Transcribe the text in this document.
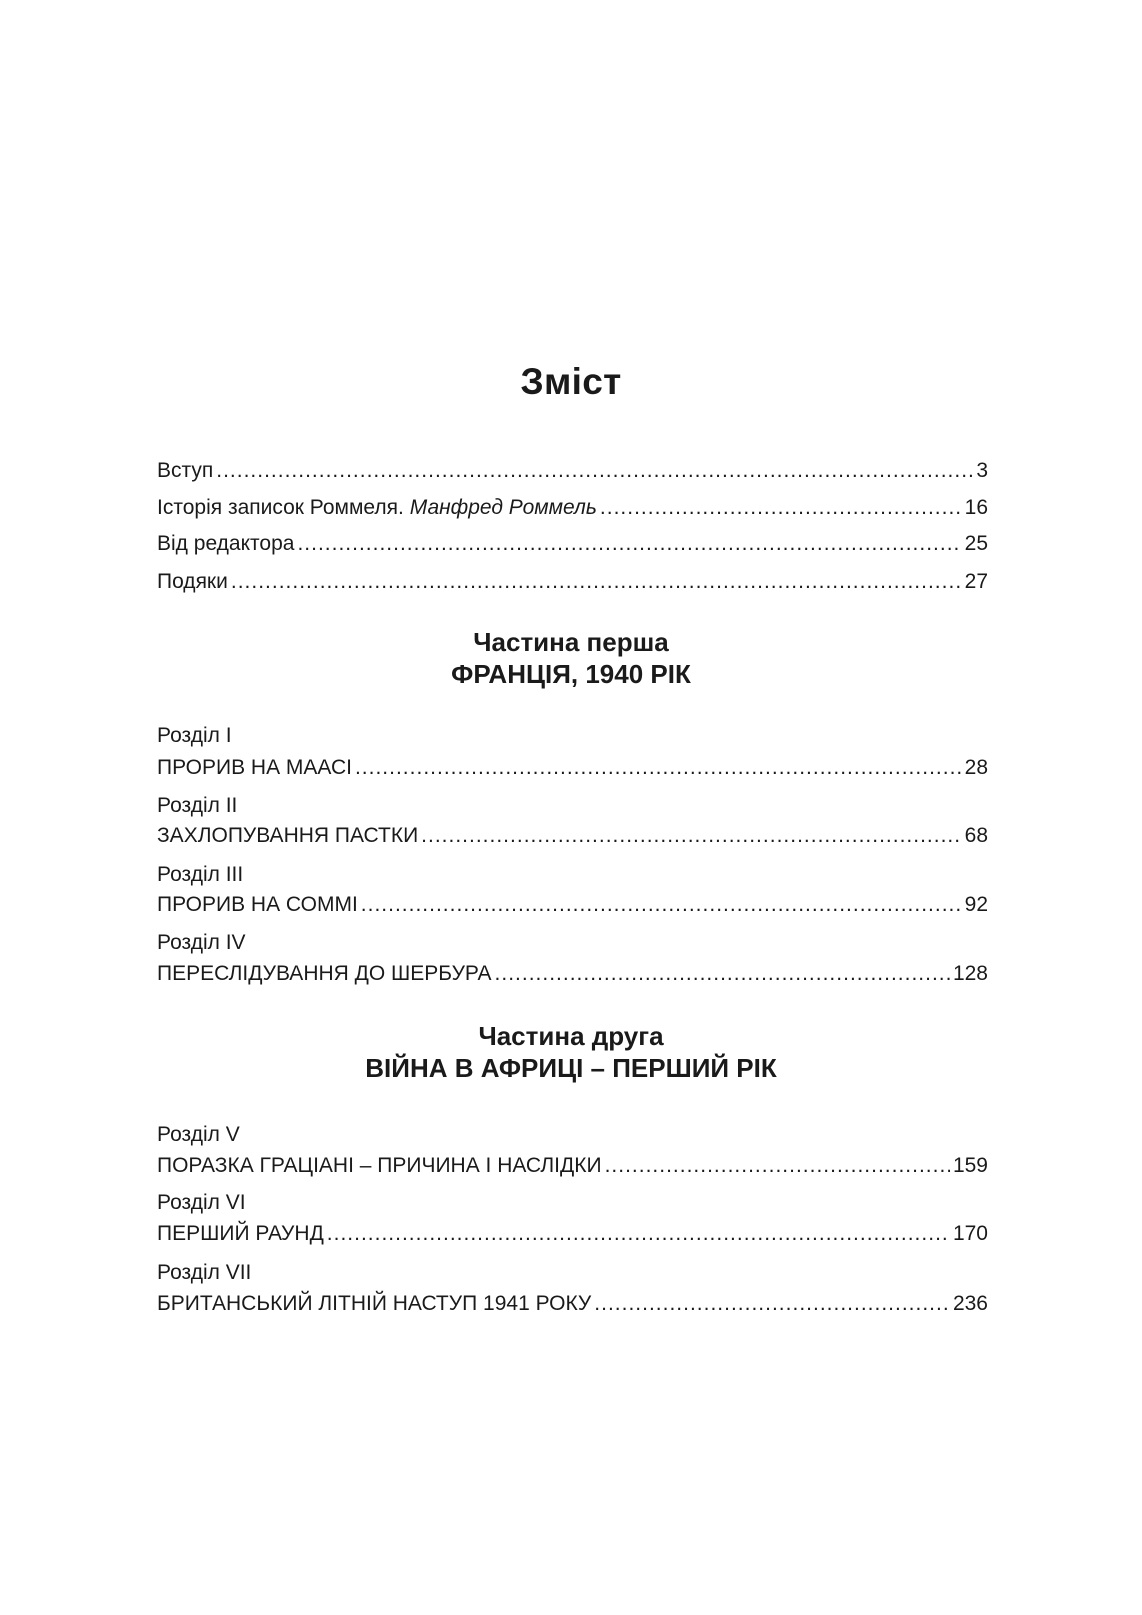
Зміст
Вступ .....	3
Історія записок Роммеля. Манфред Роммель .....	16
Від редактора .....	25
Подяки .....	27
Частина перша
ФРАНЦІЯ, 1940 РІК
Розділ I
ПРОРИВ НА МААСІ .....	28
Розділ II
ЗАХЛОПУВАННЯ ПАСТКИ .....	68
Розділ III
ПРОРИВ НА СОММІ .....	92
Розділ IV
ПЕРЕСЛІДУВАННЯ ДО ШЕРБУРА .....	128
Частина друга
ВІЙНА В АФРИЦІ – ПЕРШИЙ РІК
Розділ V
ПОРАЗКА ГРАЦІАНІ – ПРИЧИНА І НАСЛІДКИ .....	159
Розділ VI
ПЕРШИЙ РАУНД .....	170
Розділ VII
БРИТАНСЬКИЙ ЛІТНІЙ НАСТУП 1941 РОКУ .....	236
